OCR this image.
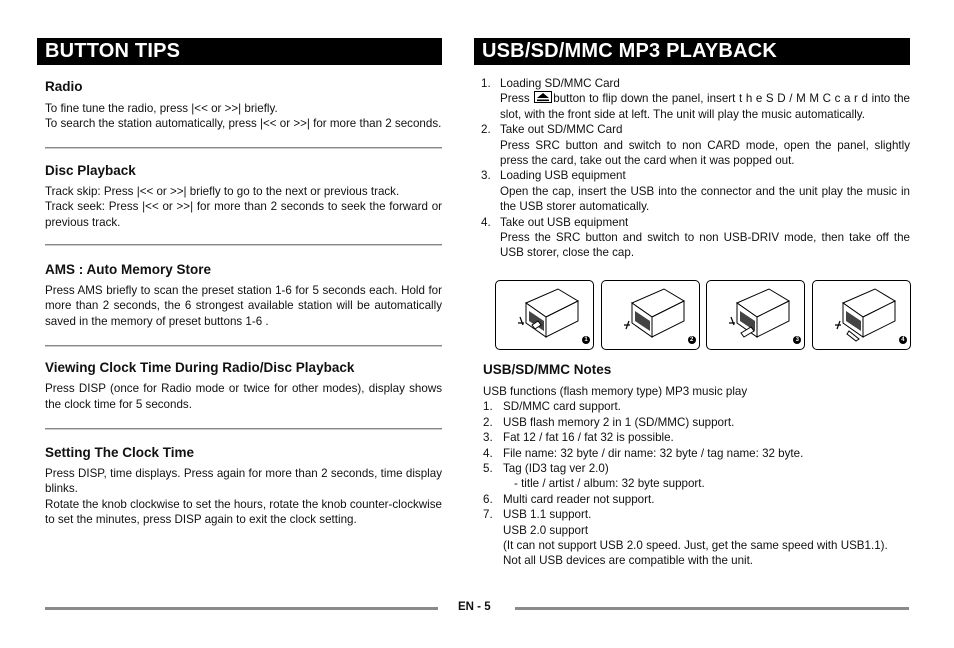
BUTTON TIPS
Radio
To fine tune the radio, press |<< or >>| briefly.
To search the station automatically, press |<< or >>| for more than 2 seconds.
Disc Playback
Track skip: Press |<< or >>| briefly to go to the next or previous track.
Track seek: Press |<< or >>| for more than 2 seconds to seek the forward or previous track.
AMS : Auto Memory Store
Press AMS briefly to scan the preset station 1-6 for 5 seconds each. Hold for more than 2 seconds, the 6 strongest available station will be automatically saved in the memory of preset buttons 1-6 .
Viewing Clock Time During Radio/Disc Playback
Press DISP (once for Radio mode or twice for other modes), display shows the clock time for 5 seconds.
Setting The Clock Time
Press DISP, time displays. Press again for more than 2 seconds, time display blinks.
Rotate the knob clockwise to set the hours, rotate the knob counter-clockwise to set the minutes, press DISP again to exit the clock setting.
USB/SD/MMC MP3 PLAYBACK
1. Loading SD/MMC Card
Press button to flip down the panel, insert t h e S D / M M C c a r d into the slot, with the front side at left. The unit will play the music automatically.
2. Take out SD/MMC Card
Press SRC button and switch to non CARD mode, open the panel, slightly press the card, take out the card when it was popped out.
3. Loading USB equipment
Open the cap, insert the USB into the connector and the unit play the music in the USB storer automatically.
4. Take out USB equipment
Press the SRC button and switch to non USB-DRIV mode, then take off the USB storer, close the cap.
1	2	3	4
USB/SD/MMC Notes
USB functions (flash memory type) MP3 music play
1. SD/MMC card support.
2. USB flash memory 2 in 1 (SD/MMC) support.
3. Fat 12 / fat 16 / fat 32 is possible.
4. File name: 32 byte / dir name: 32 byte / tag name: 32 byte.
5. Tag (ID3 tag ver 2.0)
- title / artist / album: 32 byte support.
6. Multi card reader not support.
7. USB 1.1 support.
USB 2.0 support
(It can not support USB 2.0 speed. Just, get the same speed with USB1.1).
Not all USB devices are compatible with the unit.
EN - 5
